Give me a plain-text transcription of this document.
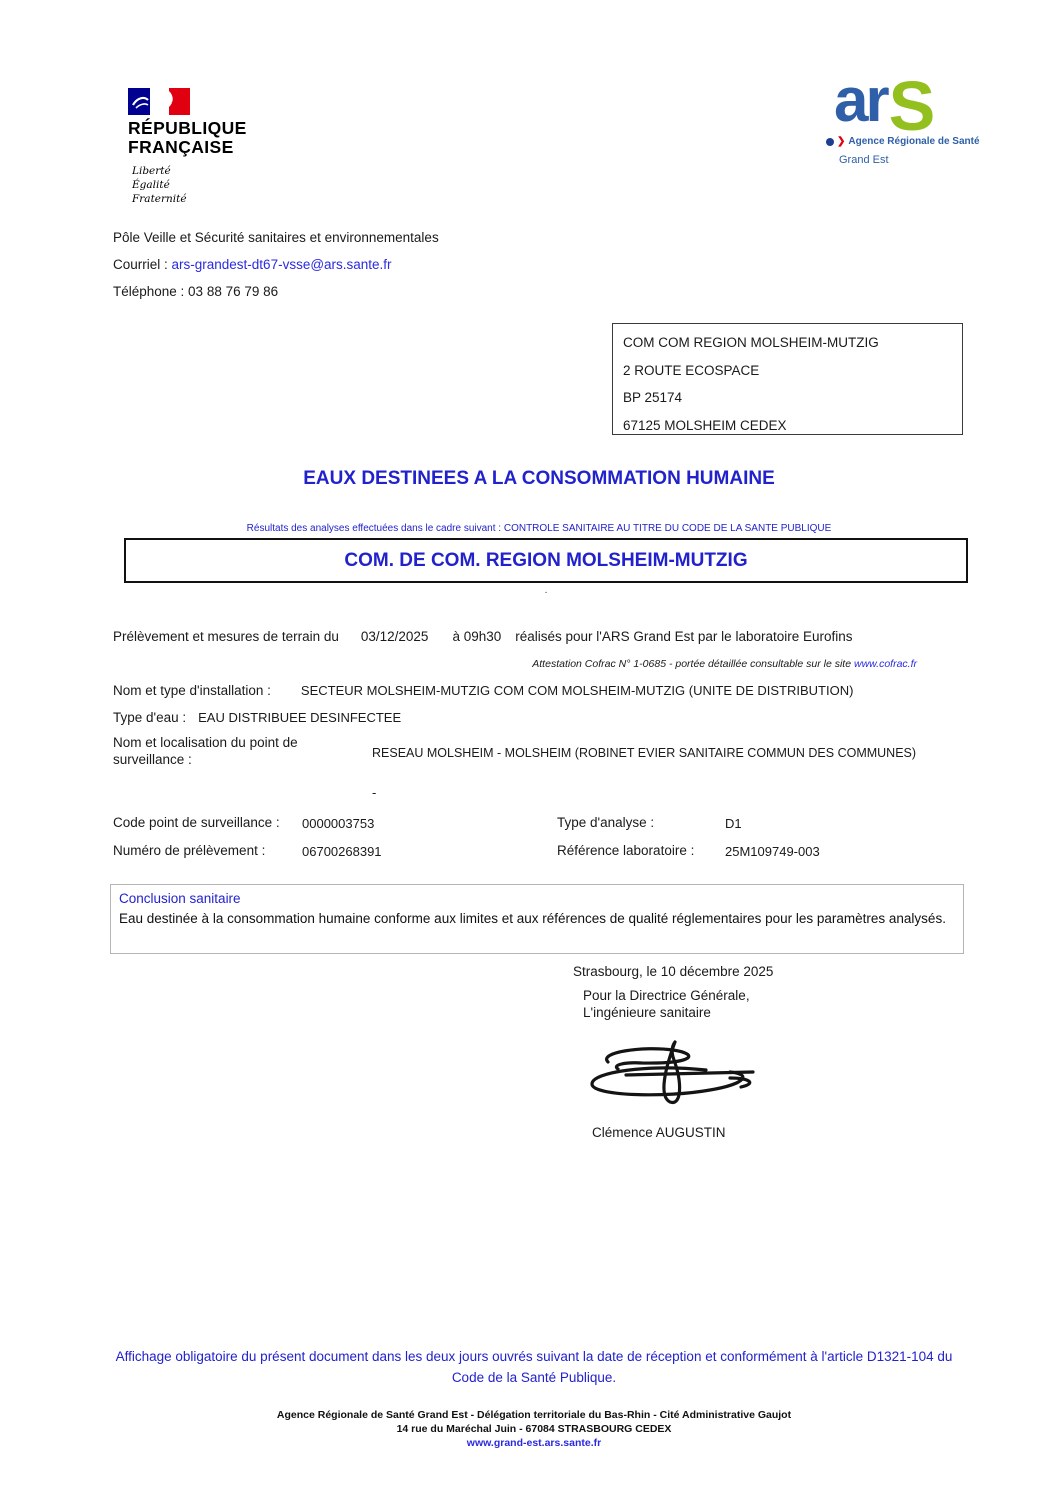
RÉPUBLIQUE
FRANÇAISE
Liberté
Égalité
Fraternité
arS
❯ Agence Régionale de Santé
Grand Est
Pôle Veille et Sécurité sanitaires et environnementales
Courriel : ars-grandest-dt67-vsse@ars.sante.fr
Téléphone : 03 88 76 79 86
COM COM REGION MOLSHEIM-MUTZIG
2 ROUTE ECOSPACE
BP 25174
67125 MOLSHEIM CEDEX
EAUX DESTINEES A LA CONSOMMATION HUMAINE
Résultats des analyses effectuées dans le cadre suivant : CONTROLE SANITAIRE AU TITRE DU CODE DE LA SANTE PUBLIQUE
COM. DE COM. REGION MOLSHEIM-MUTZIG
.
Prélèvement et mesures de terrain du 03/12/2025 à 09h30 réalisés pour l'ARS Grand Est par le laboratoire Eurofins
Attestation Cofrac N° 1-0685 - portée détaillée consultable sur le site www.cofrac.fr
Nom et type d'installation : SECTEUR MOLSHEIM-MUTZIG COM COM MOLSHEIM-MUTZIG (UNITE DE DISTRIBUTION)
Type d'eau : EAU DISTRIBUEE DESINFECTEE
Nom et localisation du point de
surveillance :	RESEAU MOLSHEIM - MOLSHEIM (ROBINET EVIER SANITAIRE COMMUN DES COMMUNES)
-
Code point de surveillance : 0000003753	Type d'analyse :	D1
Numéro de prélèvement :	06700268391	Référence laboratoire : 25M109749-003
Conclusion sanitaire
Eau destinée à la consommation humaine conforme aux limites et aux références de qualité réglementaires pour les paramètres analysés.
Strasbourg, le 10 décembre 2025
Pour la Directrice Générale,
L'ingénieure sanitaire
Clémence AUGUSTIN
Affichage obligatoire du présent document dans les deux jours ouvrés suivant la date de réception et conformément à l'article D1321-104 du Code de la Santé Publique.
Agence Régionale de Santé Grand Est - Délégation territoriale du Bas-Rhin - Cité Administrative Gaujot
14 rue du Maréchal Juin - 67084 STRASBOURG CEDEX
www.grand-est.ars.sante.fr
